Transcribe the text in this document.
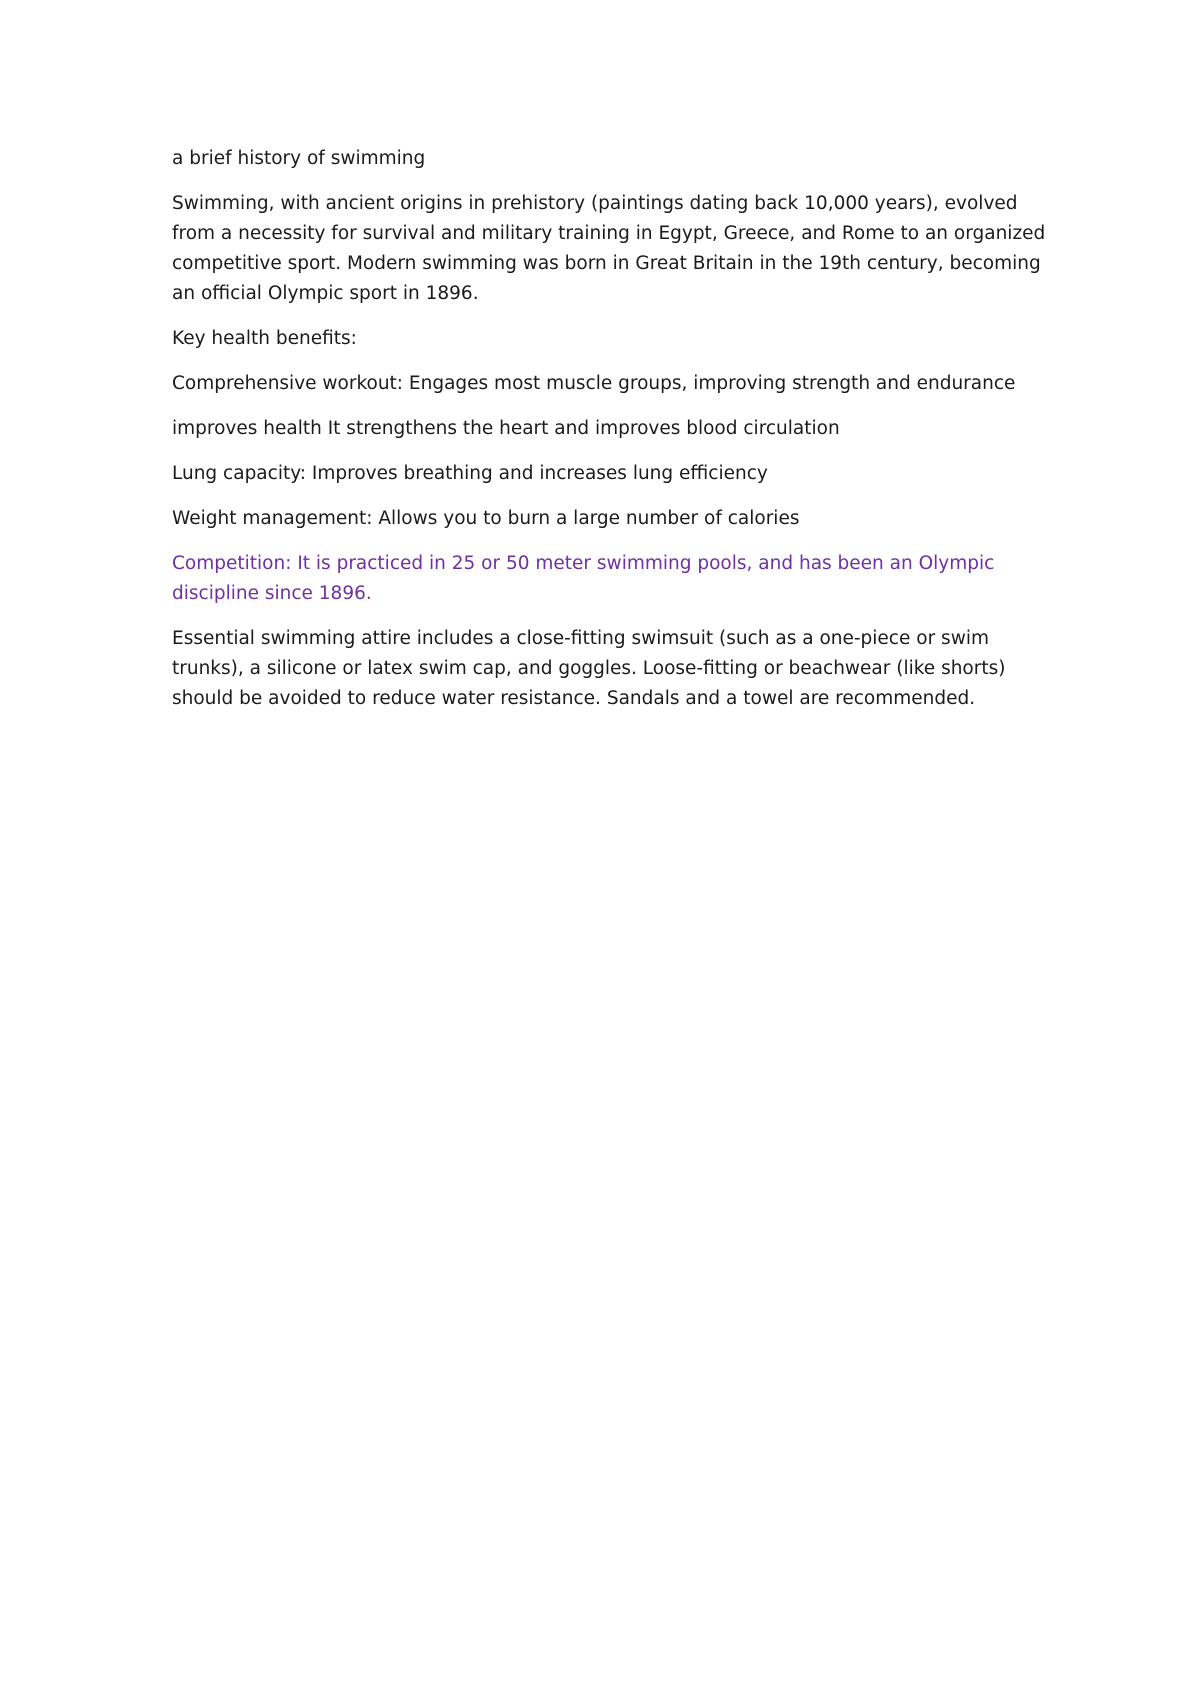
a brief history of swimming

Swimming, with ancient origins in prehistory (paintings dating back 10,000 years), evolved from a necessity for survival and military training in Egypt, Greece, and Rome to an organized competitive sport. Modern swimming was born in Great Britain in the 19th century, becoming an official Olympic sport in 1896.

Key health benefits:

Comprehensive workout: Engages most muscle groups, improving strength and endurance

improves health It strengthens the heart and improves blood circulation

Lung capacity: Improves breathing and increases lung efficiency

Weight management: Allows you to burn a large number of calories

Competition: It is practiced in 25 or 50 meter swimming pools, and has been an Olympic discipline since 1896.

Essential swimming attire includes a close-fitting swimsuit (such as a one-piece or swim trunks), a silicone or latex swim cap, and goggles. Loose-fitting or beachwear (like shorts) should be avoided to reduce water resistance. Sandals and a towel are recommended.
